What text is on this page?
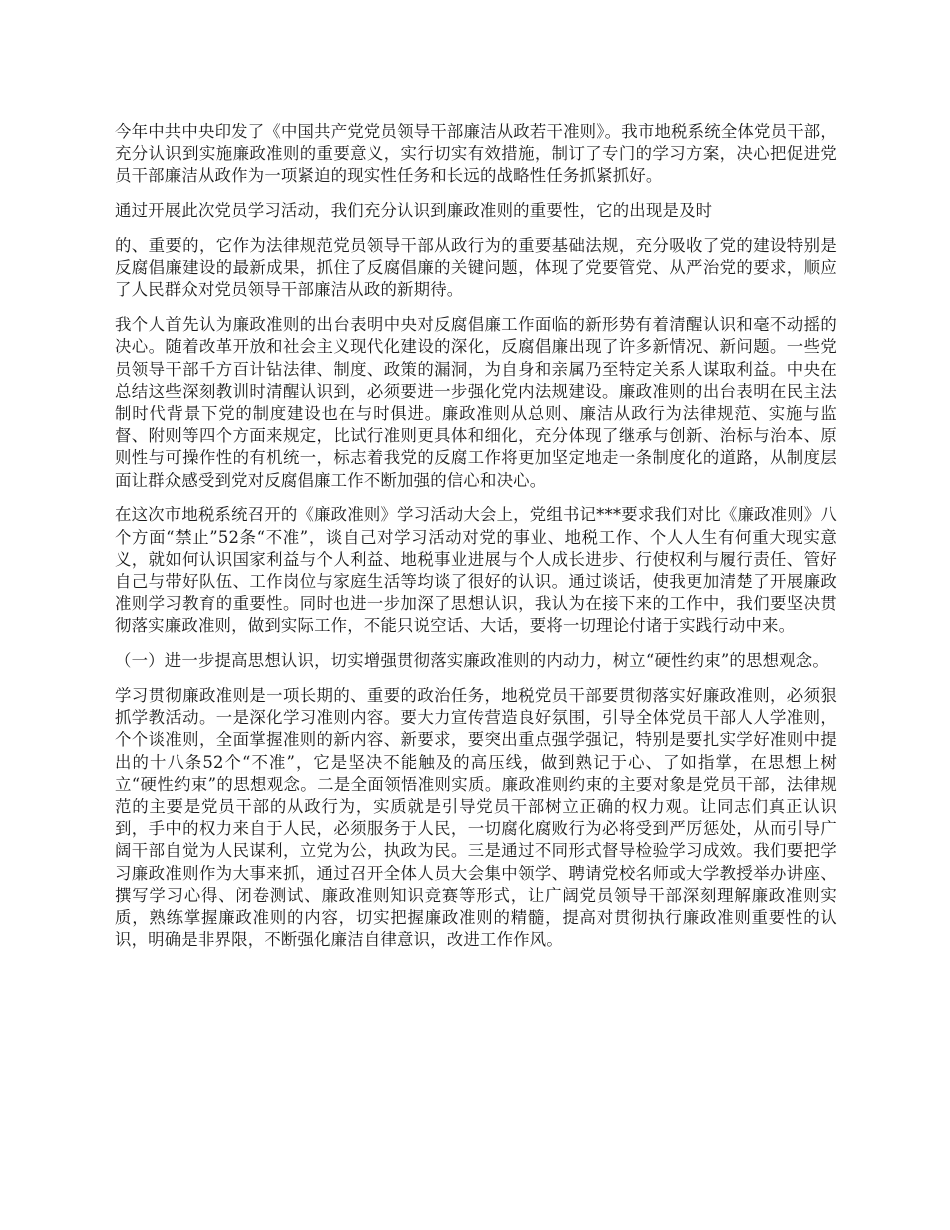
今年中共中央印发了《中国共产党党员领导干部廉洁从政若干准则》。我市地税系统全体党员干部，充分认识到实施廉政准则的重要意义，实行切实有效措施，制订了专门的学习方案，决心把促进党员干部廉洁从政作为一项紧迫的现实性任务和长远的战略性任务抓紧抓好。

通过开展此次党员学习活动，我们充分认识到廉政准则的重要性，它的出现是及时

的、重要的，它作为法律规范党员领导干部从政行为的重要基础法规，充分吸收了党的建设特别是反腐倡廉建设的最新成果，抓住了反腐倡廉的关键问题，体现了党要管党、从严治党的要求，顺应了人民群众对党员领导干部廉洁从政的新期待。

我个人首先认为廉政准则的出台表明中央对反腐倡廉工作面临的新形势有着清醒认识和毫不动摇的决心。随着改革开放和社会主义现代化建设的深化，反腐倡廉出现了许多新情况、新问题。一些党员领导干部千方百计钻法律、制度、政策的漏洞，为自身和亲属乃至特定关系人谋取利益。中央在总结这些深刻教训时清醒认识到，必须要进一步强化党内法规建设。廉政准则的出台表明在民主法制时代背景下党的制度建设也在与时俱进。廉政准则从总则、廉洁从政行为法律规范、实施与监督、附则等四个方面来规定，比试行准则更具体和细化，充分体现了继承与创新、治标与治本、原则性与可操作性的有机统一，标志着我党的反腐工作将更加坚定地走一条制度化的道路，从制度层面让群众感受到党对反腐倡廉工作不断加强的信心和决心。

在这次市地税系统召开的《廉政准则》学习活动大会上，党组书记***要求我们对比《廉政准则》八个方面“禁止”52条“不准”，谈自己对学习活动对党的事业、地税工作、个人人生有何重大现实意义，就如何认识国家利益与个人利益、地税事业进展与个人成长进步、行使权利与履行责任、管好自己与带好队伍、工作岗位与家庭生活等均谈了很好的认识。通过谈话，使我更加清楚了开展廉政准则学习教育的重要性。同时也进一步加深了思想认识，我认为在接下来的工作中，我们要坚决贯彻落实廉政准则，做到实际工作，不能只说空话、大话，要将一切理论付诸于实践行动中来。

（一）进一步提高思想认识，切实增强贯彻落实廉政准则的内动力，树立“硬性约束”的思想观念。

学习贯彻廉政准则是一项长期的、重要的政治任务，地税党员干部要贯彻落实好廉政准则，必须狠抓学教活动。一是深化学习准则内容。要大力宣传营造良好氛围，引导全体党员干部人人学准则，个个谈准则，全面掌握准则的新内容、新要求，要突出重点强学强记，特别是要扎实学好准则中提出的十八条52个“不准”，它是坚决不能触及的高压线，做到熟记于心、了如指掌，在思想上树立“硬性约束”的思想观念。二是全面领悟准则实质。廉政准则约束的主要对象是党员干部，法律规范的主要是党员干部的从政行为，实质就是引导党员干部树立正确的权力观。让同志们真正认识到，手中的权力来自于人民，必须服务于人民，一切腐化腐败行为必将受到严厉惩处，从而引导广阔干部自觉为人民谋利，立党为公，执政为民。三是通过不同形式督导检验学习成效。我们要把学习廉政准则作为大事来抓，通过召开全体人员大会集中领学、聘请党校名师或大学教授举办讲座、撰写学习心得、闭卷测试、廉政准则知识竞赛等形式，让广阔党员领导干部深刻理解廉政准则实质，熟练掌握廉政准则的内容，切实把握廉政准则的精髓，提高对贯彻执行廉政准则重要性的认识，明确是非界限，不断强化廉洁自律意识，改进工作作风。
